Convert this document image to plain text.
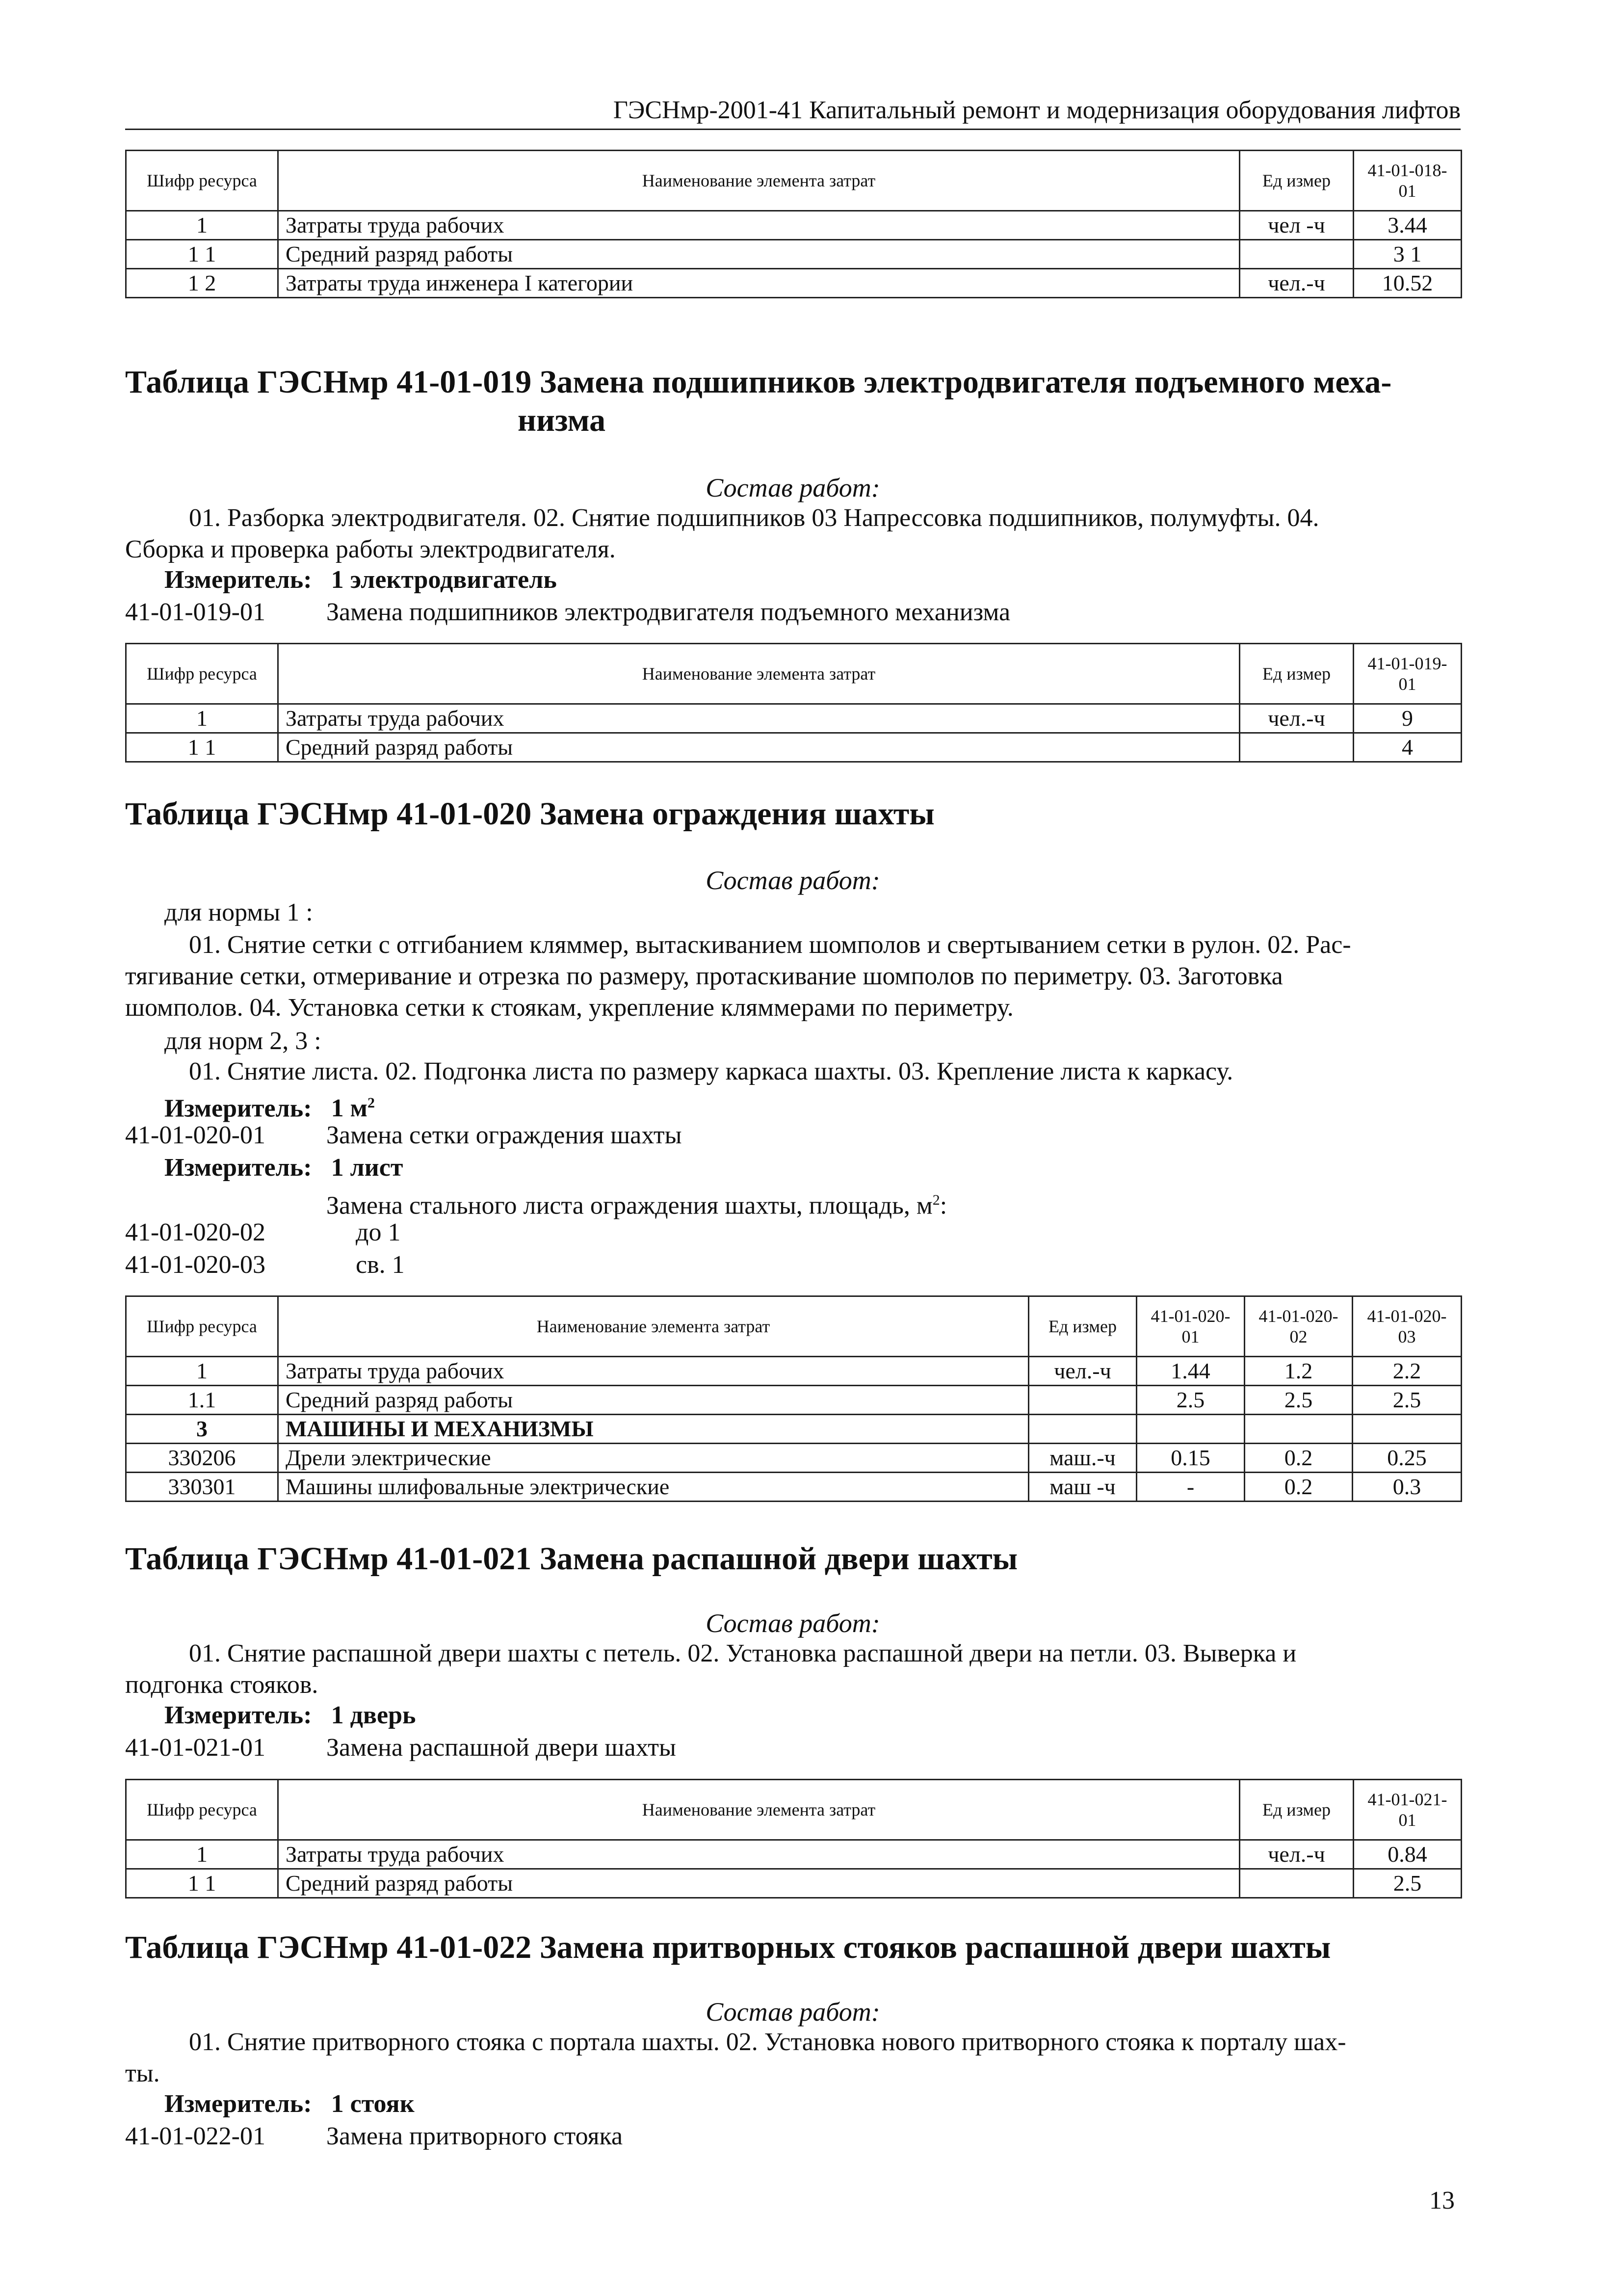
ГЭСНмр-2001-41 Капитальный ремонт и модернизация оборудования лифтов
Шифр ресурса	Наименование элемента затрат	Ед измер	41-01-018-01
1	Затраты труда рабочих	чел -ч	3.44
1 1	Средний разряд работы		3 1
1 2	Затраты труда инженера I категории	чел.-ч	10.52
Таблица ГЭСНмр 41-01-019 Замена подшипников электродвигателя подъемного меха-
низма
Состав работ:
01. Разборка электродвигателя. 02. Снятие подшипников 03 Напрессовка подшипников, полумуфты. 04.
Сборка и проверка работы электродвигателя.
Измеритель: 1 электродвигатель
41-01-019-01 Замена подшипников электродвигателя подъемного механизма
Шифр ресурса	Наименование элемента затрат	Ед измер	41-01-019-01
1	Затраты труда рабочиx	чел.-ч	9
1 1	Средний разряд работы		4
Таблица ГЭСНмр 41-01-020 Замена ограждения шахты
Состав работ:
для нормы 1 :
01. Снятие сетки с отгибанием кляммер, вытаскиванием шомполов и свертыванием сетки в рулон. 02. Рас-
тягивание сетки, отмеривание и отрезка по размеру, протаскивание шомполов по периметру. 03. Заготовка
шомполов. 04. Установка сетки к стоякам, укрепление кляммерами по периметру.
для норм 2, 3 :
01. Снятие листа. 02. Подгонка листа по размеру каркаса шахты. 03. Крепление листа к каркасу.
Измеритель: 1 $м^2$
41-01-020-01 Замена сетки ограждения шахты
Измеритель: 1 лист
Замена стального листа ограждения шахты, площадь, $м^2$:
41-01-020-02	до 1
41-01-020-03	св. 1
Шифр ресурса	Наименование элемента затрат	Ед измер	41-01-020-01	41-01-020-02	41-01-020-03
1	Затраты труда рабочих	чел.-ч	1.44	1.2	2.2
1.1	Средний разряд работы		2.5	2.5	2.5
3	МАШИНЫ И МЕХАНИЗМЫ				
330206	Дрели электрические	маш.-ч	0.15	0.2	0.25
330301	Машины шлифовальные электрические	маш -ч	-	0.2	0.3
Таблица ГЭСНмр 41-01-021 Замена распашной двери шахты
Состав работ:
01. Снятие распашной двери шахты с петель. 02. Установка распашной двери на петли. 03. Выверка и
подгонка стояков.
Измеритель: 1 дверь
41-01-021-01 Замена распашной двери шахты
Шифр ресурса	Наименование элемента затрат	Ед измер	41-01-021-01
1	Затраты труда рабочих	чел.-ч	0.84
1 1	Средний разряд работы		2.5
Таблица ГЭСНмр 41-01-022 Замена притворных стояков распашной двери шахты
Состав работ:
01. Снятие притворного стояка с портала шахты. 02. Установка нового притворного стояка к порталу шах-
ты.
Измеритель: 1 стояк
41-01-022-01 Замена притворного стояка
13
